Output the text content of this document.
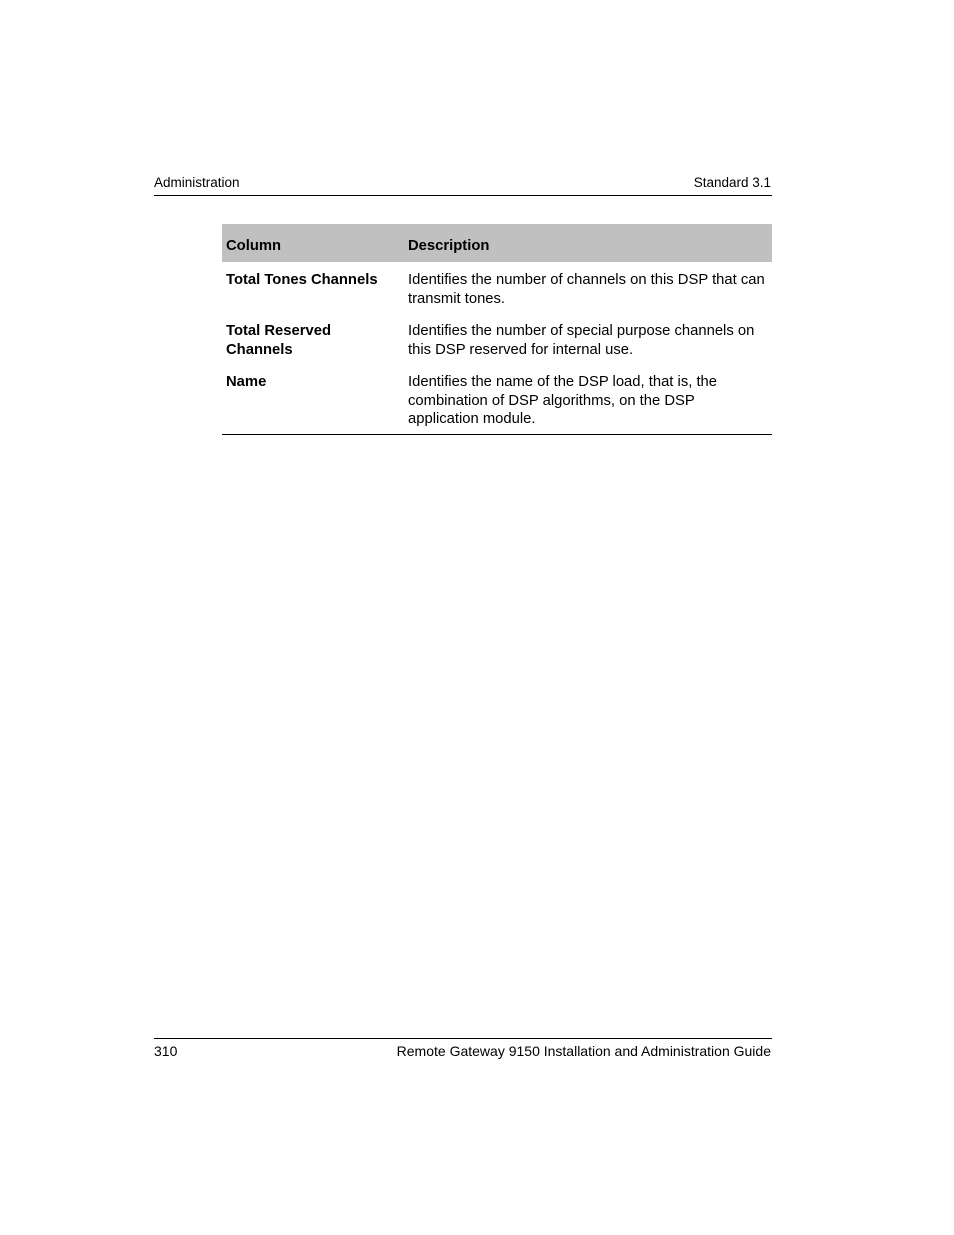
Administration	Standard 3.1
Column	Description
Total Tones Channels	Identifies the number of channels on this DSP that can transmit tones.
Total Reserved Channels	Identifies the number of special purpose channels on this DSP reserved for internal use.
Name	Identifies the name of the DSP load, that is, the combination of DSP algorithms, on the DSP application module.
310	Remote Gateway 9150 Installation and Administration Guide
